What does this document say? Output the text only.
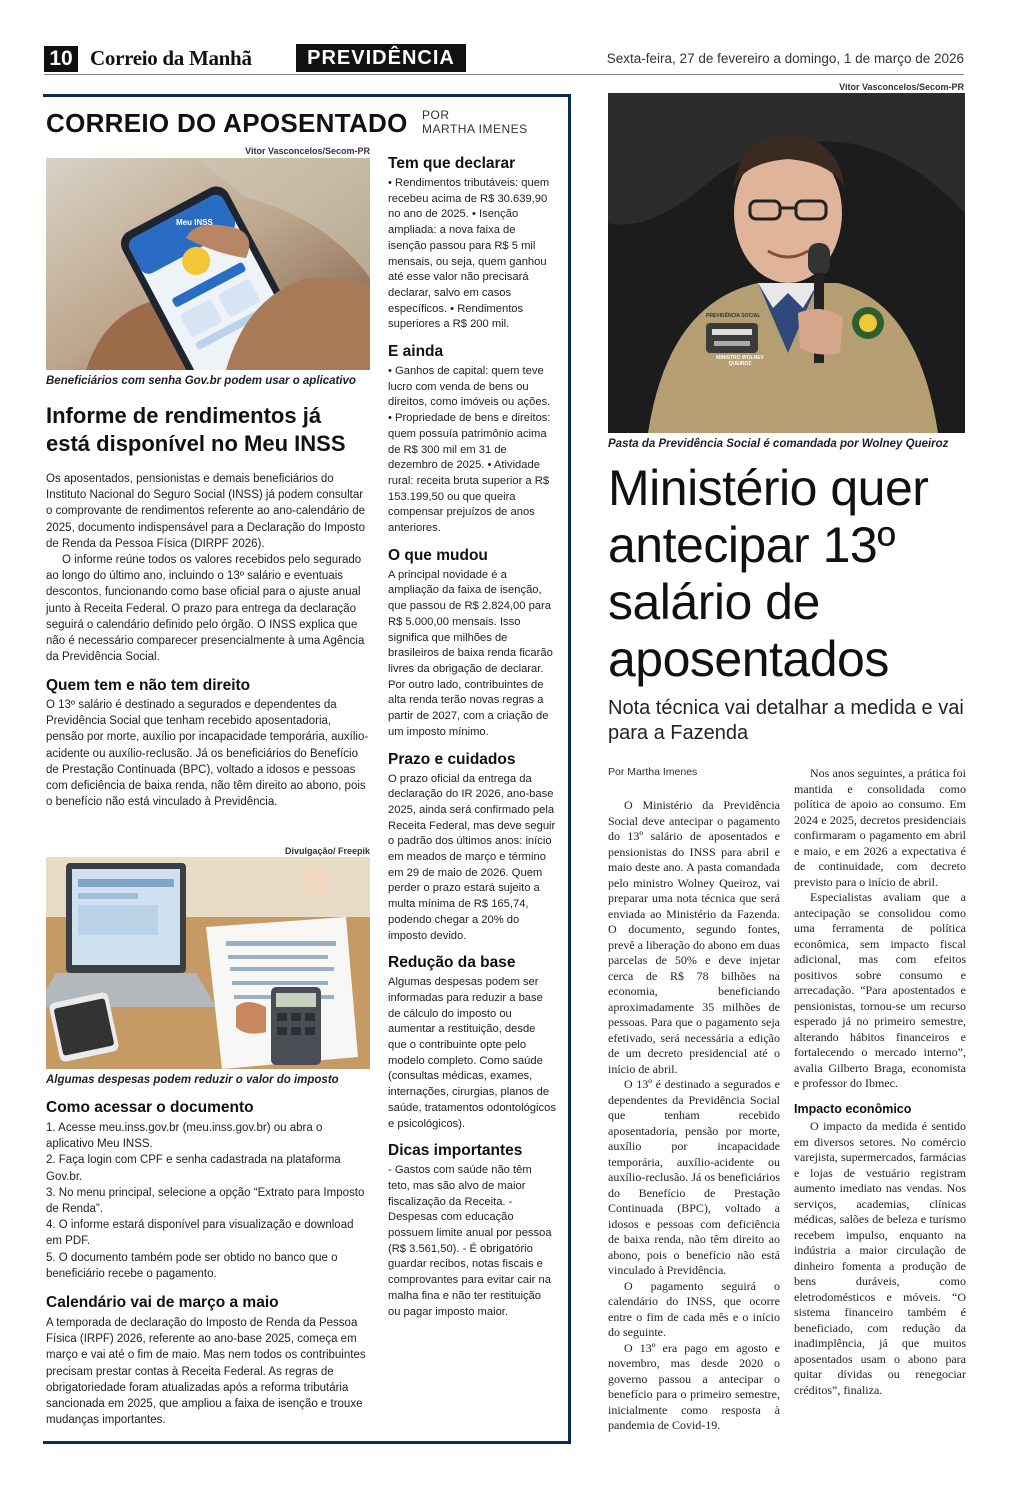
10 Correio da Manhã	PREVIDÊNCIA	Sexta-feira, 27 de fevereiro a domingo, 1 de março de 2026
CORREIO DO APOSENTADO POR
MARTHA IMENES
Vitor Vasconcelos/Secom-PR
Meu INSS
Beneficiários com senha Gov.br podem usar o aplicativo
Informe de rendimentos já está disponível no Meu INSS

Os aposentados, pensionistas e demais beneficiários do Instituto Nacional do Seguro Social (INSS) já podem consultar o comprovante de rendimentos referente ao ano-calendário de 2025, documento indispensável para a Declaração do Imposto de Renda da Pessoa Física (DIRPF 2026).

O informe reúne todos os valores recebidos pelo segurado ao longo do último ano, incluindo o 13º salário e eventuais descontos, funcionando como base oficial para o ajuste anual junto à Receita Federal. O prazo para entrega da declaração seguirá o calendário definido pelo órgão. O INSS explica que não é necessário comparecer presencialmente à uma Agência da Previdência Social.

Quem tem e não tem direito
O 13º salário é destinado a segurados e dependentes da Previdência Social que tenham recebido aposentadoria, pensão por morte, auxílio por incapacidade temporária, auxílio-acidente ou auxílio-reclusão. Já os beneficiários do Benefício de Prestação Continuada (BPC), voltado a idosos e pessoas com deficiência de baixa renda, não têm direito ao abono, pois o benefício não está vinculado à Previdência.
Divulgação/ Freepik
Algumas despesas podem reduzir o valor do imposto
Como acessar o documento

1. Acesse meu.inss.gov.br (meu.inss.gov.br) ou abra o aplicativo Meu INSS.

2. Faça login com CPF e senha cadastrada na plataforma Gov.br.

3. No menu principal, selecione a opção “Extrato para Imposto de Renda”.

4. O informe estará disponível para visualização e download em PDF.

5. O documento também pode ser obtido no banco que o beneficiário recebe o pagamento.

Calendário vai de março a maio
A temporada de declaração do Imposto de Renda da Pessoa Física (IRPF) 2026, referente ao ano-base 2025, começa em março e vai até o fim de maio. Mas nem todos os contribuintes precisam prestar contas à Receita Federal. As regras de obrigatoriedade foram atualizadas após a reforma tributária sancionada em 2025, que ampliou a faixa de isenção e trouxe mudanças importantes.
Tem que declarar
• Rendimentos tributáveis: quem recebeu acima de R$ 30.639,90 no ano de 2025. • Isenção ampliada: a nova faixa de isenção passou para R$ 5 mil mensais, ou seja, quem ganhou até esse valor não precisará declarar, salvo em casos específicos. • Rendimentos superiores a R$ 200 mil.
E ainda
• Ganhos de capital: quem teve lucro com venda de bens ou direitos, como imóveis ou ações. • Propriedade de bens e direitos: quem possuía patrimônio acima de R$ 300 mil em 31 de dezembro de 2025. • Atividade rural: receita bruta superior a R$ 153.199,50 ou que queira compensar prejuízos de anos anteriores.
O que mudou
A principal novidade é a ampliação da faixa de isenção, que passou de R$ 2.824,00 para R$ 5.000,00 mensais. Isso significa que milhões de brasileiros de baixa renda ficarão livres da obrigação de declarar. Por outro lado, contribuintes de alta renda terão novas regras a partir de 2027, com a criação de um imposto mínimo.
Prazo e cuidados
O prazo oficial da entrega da declaração do IR 2026, ano-base 2025, ainda será confirmado pela Receita Federal, mas deve seguir o padrão dos últimos anos: início em meados de março e término em 29 de maio de 2026. Quem perder o prazo estará sujeito a multa mínima de R$ 165,74, podendo chegar a 20% do imposto devido.
Redução da base
Algumas despesas podem ser informadas para reduzir a base de cálculo do imposto ou aumentar a restituição, desde que o contribuinte opte pelo modelo completo. Como saúde (consultas médicas, exames, internações, cirurgias, planos de saúde, tratamentos odontológicos e psicológicos).
Dicas importantes
- Gastos com saúde não têm teto, mas são alvo de maior fiscalização da Receita. - Despesas com educação possuem limite anual por pessoa (R$ 3.561,50). - É obrigatório guardar recibos, notas fiscais e comprovantes para evitar cair na malha fina e não ter restituição ou pagar imposto maior.
Vitor Vasconcelos/Secom-PR
MINISTRO WOLNEY QUEIROZ
PREVIDÊNCIA SOCIAL
Pasta da Previdência Social é comandada por Wolney Queiroz
Ministério quer antecipar 13º salário de aposentados
Nota técnica vai detalhar a medida e vai para a Fazenda
Por Martha Imenes

O Ministério da Previdência Social deve antecipar o pagamento do 13º salário de aposentados e pensionistas do INSS para abril e maio deste ano. A pasta comandada pelo ministro Wolney Queiroz, vai preparar uma nota técnica que será enviada ao Ministério da Fazenda. O documento, segundo fontes, prevê a liberação do abono em duas parcelas de 50% e deve injetar cerca de R$ 78 bilhões na economia, beneficiando aproximadamente 35 milhões de pessoas. Para que o pagamento seja efetivado, será necessária a edição de um decreto presidencial até o início de abril.

O 13º é destinado a segurados e dependentes da Previdência Social que tenham recebido aposentadoria, pensão por morte, auxílio por incapacidade temporária, auxílio-acidente ou auxílio-reclusão. Já os beneficiários do Benefício de Prestação Continuada (BPC), voltado a idosos e pessoas com deficiência de baixa renda, não têm direito ao abono, pois o benefício não está vinculado à Previdência.

O pagamento seguirá o calendário do INSS, que ocorre entre o fim de cada mês e o início do seguinte.

O 13º era pago em agosto e novembro, mas desde 2020 o governo passou a antecipar o benefício para o primeiro semestre, inicialmente como resposta à pandemia de Covid-19.

Nos anos seguintes, a prática foi mantida e consolidada como política de apoio ao consumo. Em 2024 e 2025, decretos presidenciais confirmaram o pagamento em abril e maio, e em 2026 a expectativa é de continuidade, com decreto previsto para o início de abril.

Especialistas avaliam que a antecipação se consolidou como uma ferramenta de política econômica, sem impacto fiscal adicional, mas com efeitos positivos sobre consumo e arrecadação. “Para apostentados e pensionistas, tornou-se um recurso esperado já no primeiro semestre, alterando hábitos financeiros e fortalecendo o mercado interno”, avalia Gilberto Braga, economista e professor do Ibmec.

Impacto econômico

O impacto da medida é sentido em diversos setores. No comércio varejista, supermercados, farmácias e lojas de vestuário registram aumento imediato nas vendas. Nos serviços, academias, clínicas médicas, salões de beleza e turismo recebem impulso, enquanto na indústria a maior circulação de dinheiro fomenta a produção de bens duráveis, como eletrodomésticos e móveis. “O sistema financeiro também é beneficiado, com redução da inadimplência, já que muitos aposentados usam o abono para quitar dívidas ou renegociar créditos”, finaliza.
